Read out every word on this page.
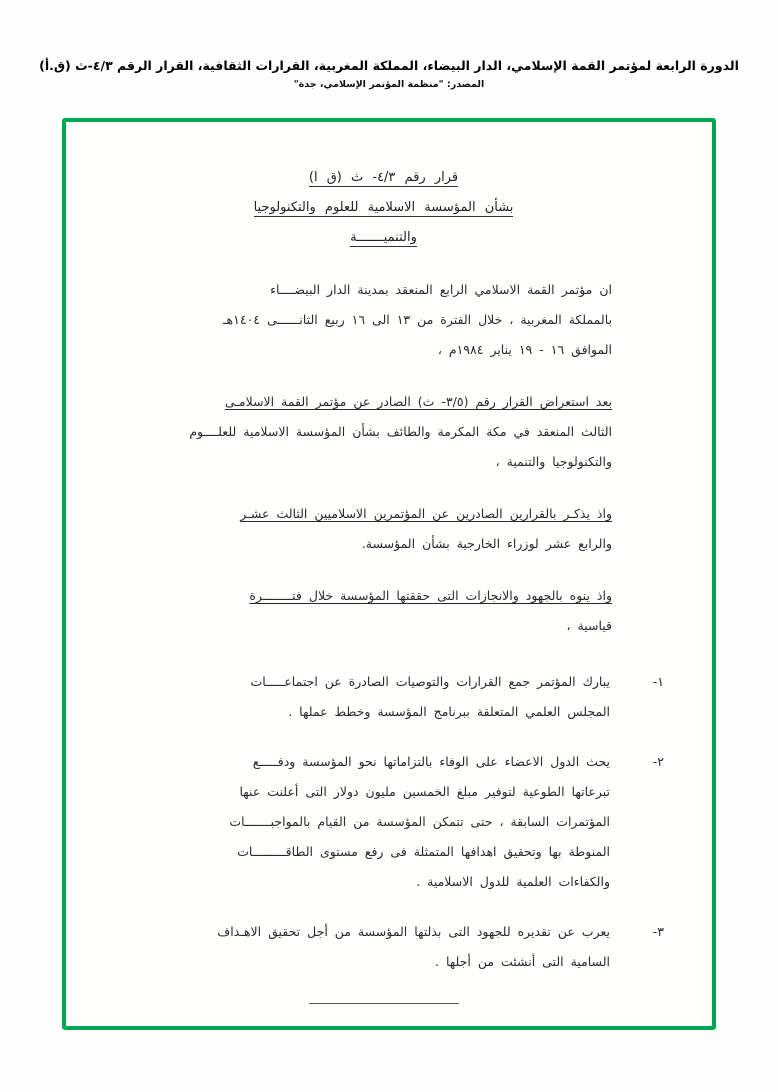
الدورة الرابعة لمؤتمر القمة الإسلامي، الدار البيضاء، المملكة المغربية، القرارات الثقافية، القرار الرقم ٤/٣-ث (ق.أ)
المصدر: "منظمة المؤتمر الإسلامي، جدة"
قرار رقم ٤/٣- ث (ق ا)
بشأن المؤسسة الاسلامية للعلوم والتكنولوجيا
والتنميـــــــة

ان مؤتمر القمة الاسلامي الرابع المنعقد بمدينة الدار البيضــــاء

بالمملكة المغربية ، خلال الفترة من ١٣ الى ١٦ ربيع الثانــــــى ١٤٠٤هـ

الموافق ١٦ - ١٩ يناير ١٩٨٤م ،

بعد استعراض القرار رقم (٣/٥- ث) الصادر عن مؤتمر القمة الاسلامـى

الثالث المنعقد في مكة المكرمة والطائف بشأن المؤسسة الاسلامية للعلــــوم

والتكنولوجيا والتنمية ،

واذ يذكـر بالقرارين الصادرين عن المؤتمرين الاسلاميين الثالث عشـر

والرابع عشر لوزراء الخارجية بشأن المؤسسة.

واذ ينوه بالجهود والانجازات التى حققتها المؤسسة خلال فتــــــــرة

قياسية ،

١-

يبارك المؤتمر جمع القرارات والتوصيات الصادرة عن اجتماعـــــات

المجلس العلمي المتعلقة ببرنامج المؤسسة وخطط عملها .

٢-

يحث الدول الاعضاء على الوفاء بالتزاماتها نحو المؤسسة ودفـــــع

تبرعاتها الطوعية لتوفير مبلغ الخمسين مليون دولار التى أعلنت عنها

المؤتمرات السابقة ، حتى تتمكن المؤسسة من القيام بالمواجبـــــــات

المنوطة بها وتحقيق اهدافها المتمثلة فى رفع مستوى الطاقـــــــــات

والكفاءات العلمية للدول الاسلامية .

٣-

يعرب عن تقديره للجهود التى بذلتها المؤسسة من أجل تحقيق الاهـداف

السامية التى أنشئت من أجلها .
